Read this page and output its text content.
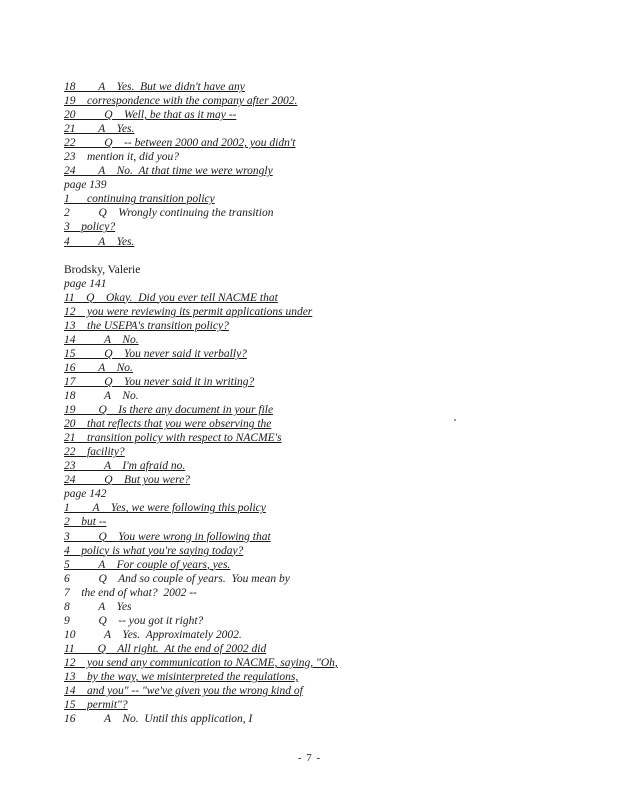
18 ___ A    Yes.  But we didn't have any
19    correspondence with the company after 2002.
20          Q    Well, be that as it may --
21 ___ A    Yes.
22          Q    -- between 2000 and 2002, you didn't
23    mention it, did you?
24 ___ A    No.  At that time we were wrongly
page 139
1 __ continuing transition policy
2          Q    Wrongly continuing the transition
3    policy?
4          A    Yes.
Brodsky, Valerie
page 141
11    Q    Okay.  Did you ever tell NACME that
12    you were reviewing its permit applications under
13    the USEPA's transition policy?
14          A    No.
15          Q    You never said it verbally?
16 ___ A    No.
17          Q    You never said it in writing?
18          A    No.
19 ___ Q    Is there any document in your file
20    that reflects that you were observing the
21    transition policy with respect to NACME's
22    facility?
23          A    I'm afraid no.
24          Q    But you were?
page 142
1 ___ A    Yes, we were following this policy
2    but --
3          Q    You were wrong in following that
4    policy is what you're saying today?
5          A    For couple of years, yes.
6          Q    And so couple of years.  You mean by
7    the end of what?  2002 --
8          A    Yes
9          Q    -- you got it right?
10          A    Yes.  Approximately 2002.
11 ___ Q    All right.  At the end of 2002 did
12    you send any communication to NACME, saying, "Oh,
13    by the way, we misinterpreted the regulations,
14    and you" -- "we've given you the wrong kind of
15    permit"?
16          A    No.  Until this application, I
- 7 -
